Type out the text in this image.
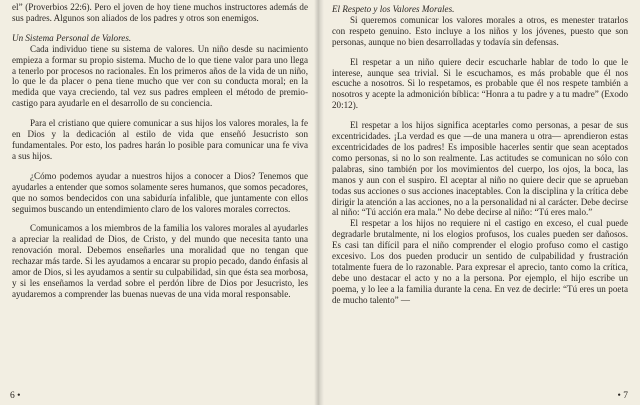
el” (Proverbios 22:6). Pero el joven de hoy tiene muchos instructores además de sus padres. Algunos son aliados de los padres y otros son enemigos.

Un Sistema Personal de Valores.

Cada individuo tiene su sistema de valores. Un niño desde su nacimiento empieza a formar su propio sistema. Mucho de lo que tiene valor para uno llega a tenerlo por procesos no racionales. En los primeros años de la vida de un niño, lo que le da placer o pena tiene mucho que ver con su conducta moral; en la medida que vaya creciendo, tal vez sus padres empleen el método de premio-castigo para ayudarle en el desarrollo de su conciencia.

Para el cristiano que quiere comunicar a sus hijos los valores morales, la fe en Dios y la dedicación al estilo de vida que enseñó Jesucristo son fundamentales. Por esto, los padres harán lo posible para comunicar una fe viva a sus hijos.

¿Cómo podemos ayudar a nuestros hijos a conocer a Dios? Tenemos que ayudarles a entender que somos solamente seres humanos, que somos pecadores, que no somos bendecidos con una sabiduría infalible, que juntamente con ellos seguimos buscando un entendimiento claro de los valores morales correctos.

Comunicamos a los miembros de la familia los valores morales al ayudarles a apreciar la realidad de Dios, de Cristo, y del mundo que necesita tanto una renovación moral. Debemos enseñarles una moralidad que no tengan que rechazar más tarde. Si les ayudamos a encarar su propio pecado, dando énfasis al amor de Dios, si les ayudamos a sentir su culpabilidad, sin que ésta sea morbosa, y si les enseñamos la verdad sobre el perdón libre de Dios por Jesucristo, les ayudaremos a comprender las buenas nuevas de una vida moral responsable.

6 •

El Respeto y los Valores Morales.

Si queremos comunicar los valores morales a otros, es menester tratarlos con respeto genuino. Esto incluye a los niños y los jóvenes, puesto que son personas, aunque no bien desarrolladas y todavía sin defensas.

El respetar a un niño quiere decir escucharle hablar de todo lo que le interese, aunque sea trivial. Si le escuchamos, es más probable que él nos escuche a nosotros. Si lo respetamos, es probable que él nos respete también a nosotros y acepte la admonición bíblica: “Honra a tu padre y a tu madre” (Exodo 20:12).

El respetar a los hijos significa aceptarles como personas, a pesar de sus excentricidades. ¡La verdad es que —de una manera u otra— aprendieron estas excentricidades de los padres! Es imposible hacerles sentir que sean aceptados como personas, si no lo son realmente. Las actitudes se comunican no sólo con palabras, sino también por los movimientos del cuerpo, los ojos, la boca, las manos y aun con el suspiro. El aceptar al niño no quiere decir que se aprueban todas sus acciones o sus acciones inaceptables. Con la disciplina y la crítica debe dirigir la atención a las acciones, no a la personalidad ni al carácter. Debe decirse al niño: “Tú acción era mala.” No debe decirse al niño: “Tú eres malo.”

El respetar a los hijos no requiere ni el castigo en exceso, el cual puede degradarle brutalmente, ni los elogios profusos, los cuales pueden ser dañosos. Es casi tan difícil para el niño comprender el elogio profuso como el castigo excesivo. Los dos pueden producir un sentido de culpabilidad y frustración totalmente fuera de lo razonable. Para expresar el aprecio, tanto como la crítica, debe uno destacar el acto y no a la persona. Por ejemplo, el hijo escribe un poema, y lo lee a la familia durante la cena. En vez de decirle: “Tú eres un poeta de mucho talento” —

• 7
